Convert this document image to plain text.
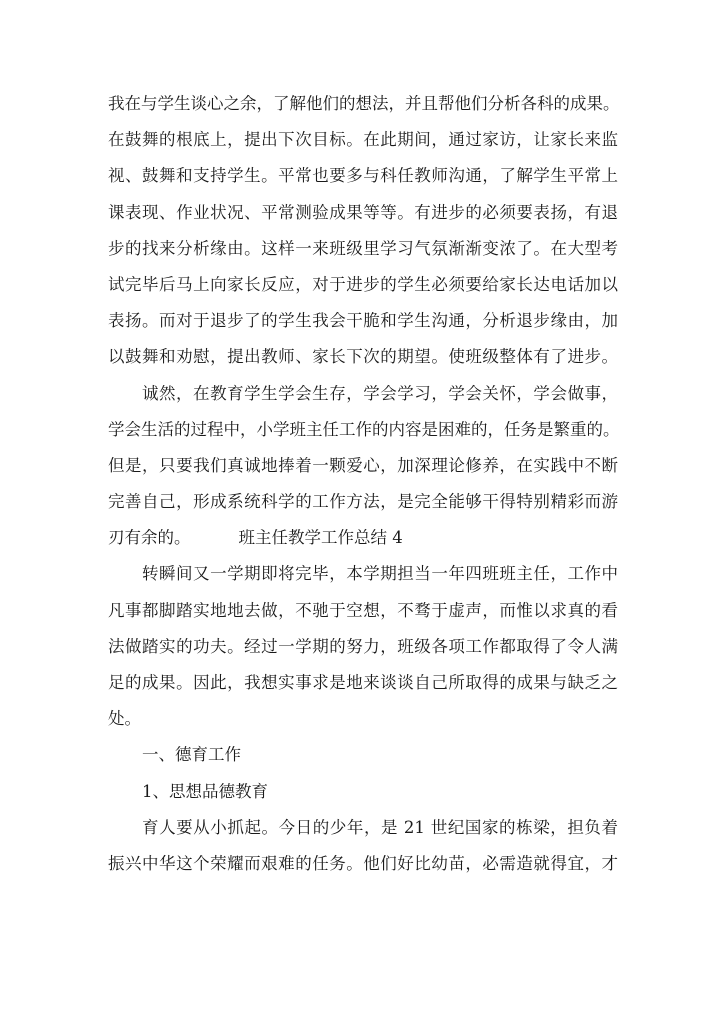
我在与学生谈心之余，了解他们的想法，并且帮他们分析各科的成果。
在鼓舞的根底上，提出下次目标。在此期间，通过家访，让家长来监
视、鼓舞和支持学生。平常也要多与科任教师沟通，了解学生平常上
课表现、作业状况、平常测验成果等等。有进步的必须要表扬，有退
步的找来分析缘由。这样一来班级里学习气氛渐渐变浓了。在大型考
试完毕后马上向家长反应，对于进步的学生必须要给家长达电话加以
表扬。而对于退步了的学生我会干脆和学生沟通，分析退步缘由，加
以鼓舞和劝慰，提出教师、家长下次的期望。使班级整体有了进步。
诚然，在教育学生学会生存，学会学习，学会关怀，学会做事，
学会生活的过程中，小学班主任工作的内容是困难的，任务是繁重的。
但是，只要我们真诚地捧着一颗爱心，加深理论修养，在实践中不断
完善自己，形成系统科学的工作方法，是完全能够干得特别精彩而游
刃有余的。	班主任教学工作总结 4
转瞬间又一学期即将完毕，本学期担当一年四班班主任，工作中
凡事都脚踏实地地去做，不驰于空想，不骛于虚声，而惟以求真的看
法做踏实的功夫。经过一学期的努力，班级各项工作都取得了令人满
足的成果。因此，我想实事求是地来谈谈自己所取得的成果与缺乏之
处。
一、德育工作
1、思想品德教育
育人要从小抓起。今日的少年，是 21 世纪国家的栋梁，担负着
振兴中华这个荣耀而艰难的任务。他们好比幼苗，必需造就得宜，才
